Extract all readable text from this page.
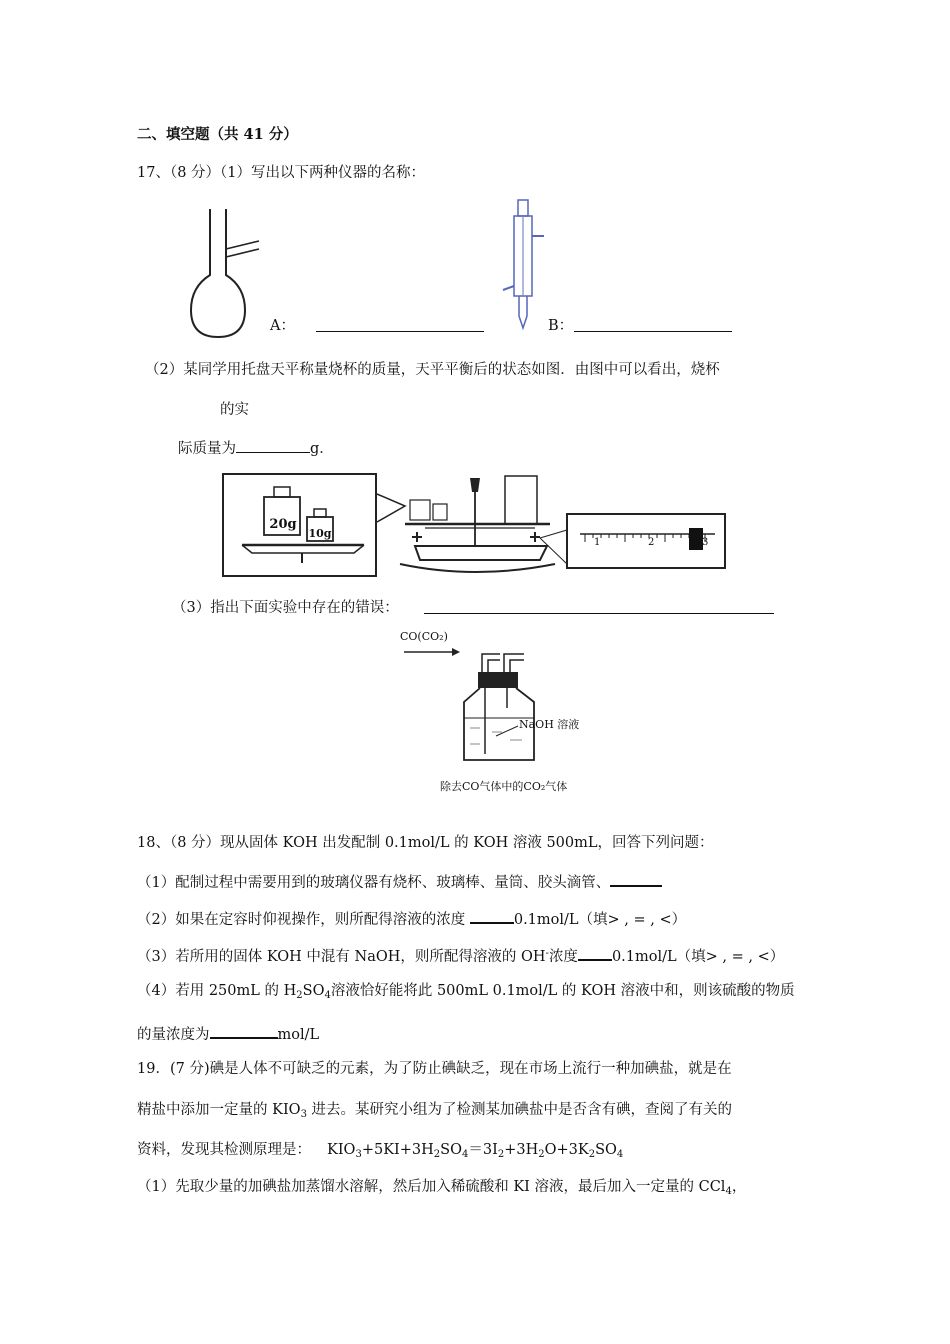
二、填空题（共 41 分）
17、（8 分）（1）写出以下两种仪器的名称：
A：	B：
（2）某同学用托盘天平称量烧杯的质量，天平平衡后的状态如图．由图中可以看出，烧杯
的实
际质量为	g．
20g
10g
1	2	3
（3）指出下面实验中存在的错误：
CO(CO₂)
NaOH 溶液
除去CO气体中的CO₂气体
18、（8 分）现从固体 KOH 出发配制 0.1mol/L 的 KOH 溶液 500mL，回答下列问题：
（1）配制过程中需要用到的玻璃仪器有烧杯、玻璃棒、量筒、胶头滴管、
（2）如果在定容时仰视操作，则所配得溶液的浓度	0.1mol/L（填> , = , <）
（3）若所用的固体 KOH 中混有 NaOH，则所配得溶液的 OH-浓度 0.1mol/L（填> , = , <）
（4）若用 250mL 的 $H_2SO_4$溶液恰好能将此 500mL 0.1mol/L 的 KOH 溶液中和，则该硫酸的物质
的量浓度为	mol/L
19．(7 分)碘是人体不可缺乏的元素，为了防止碘缺乏，现在市场上流行一种加碘盐，就是在
精盐中添加一定量的 $KIO_3$ 进去。某研究小组为了检测某加碘盐中是否含有碘，查阅了有关的
资料，发现其检测原理是： $KIO_3+5KI+3H_2SO_4=3I_2+3H_2O+3K_2SO_4$
（1）先取少量的加碘盐加蒸馏水溶解，然后加入稀硫酸和 KI 溶液，最后加入一定量的 CCl$_4$，
